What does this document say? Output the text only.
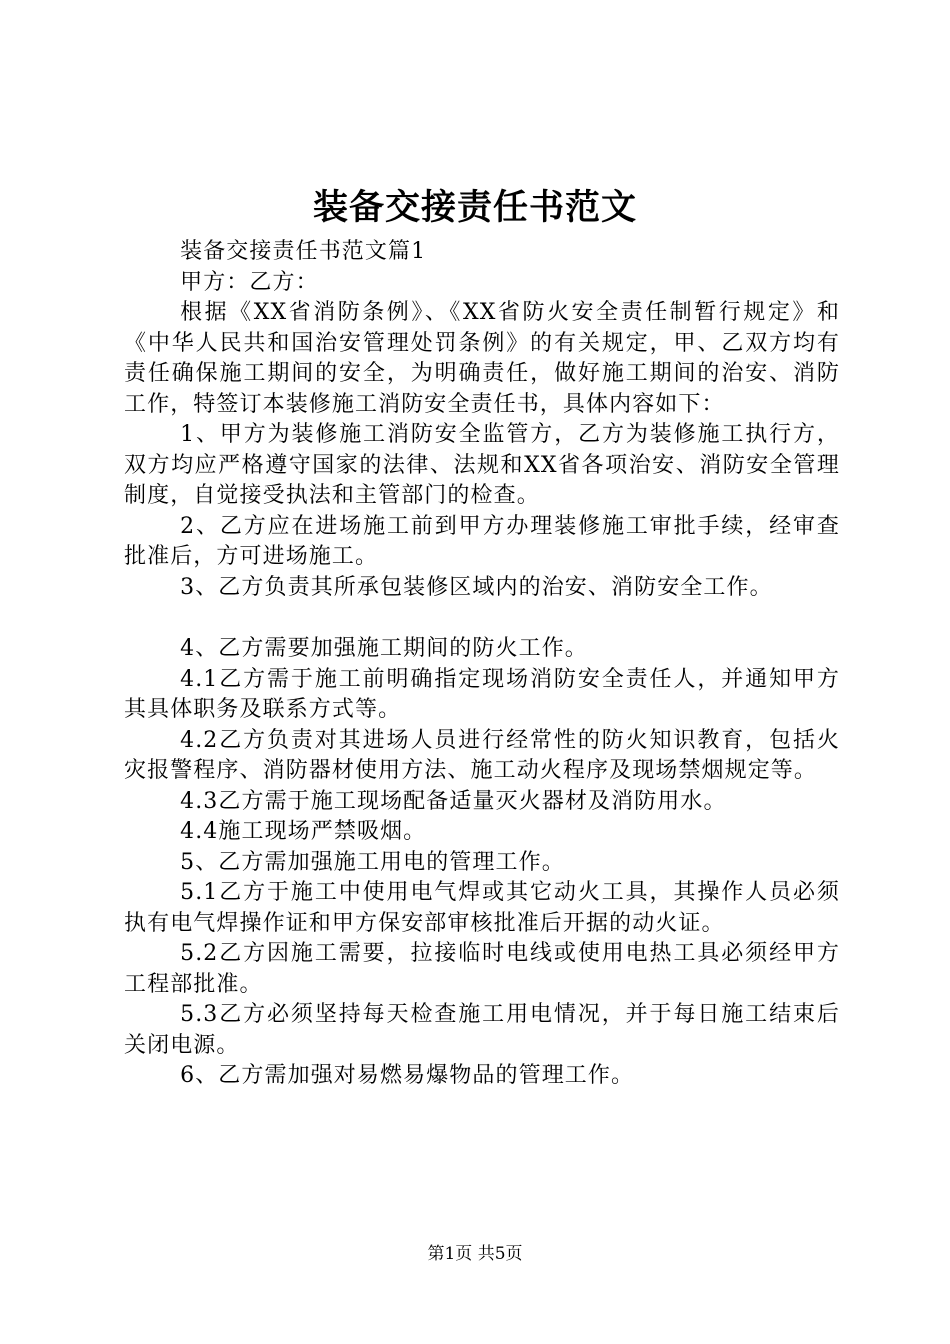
装备交接责任书范文

装备交接责任书范文篇1

甲方：乙方：

根据《XX省消防条例》、《XX省防火安全责任制暂行规定》和《中华人民共和国治安管理处罚条例》的有关规定，甲、乙双方均有责任确保施工期间的安全，为明确责任，做好施工期间的治安、消防工作，特签订本装修施工消防安全责任书，具体内容如下：

1、甲方为装修施工消防安全监管方，乙方为装修施工执行方，双方均应严格遵守国家的法律、法规和XX省各项治安、消防安全管理制度，自觉接受执法和主管部门的检查。

2、乙方应在进场施工前到甲方办理装修施工审批手续，经审查批准后，方可进场施工。

3、乙方负责其所承包装修区域内的治安、消防安全工作。

4、乙方需要加强施工期间的防火工作。

4.1乙方需于施工前明确指定现场消防安全责任人，并通知甲方其具体职务及联系方式等。

4.2乙方负责对其进场人员进行经常性的防火知识教育，包括火灾报警程序、消防器材使用方法、施工动火程序及现场禁烟规定等。

4.3乙方需于施工现场配备适量灭火器材及消防用水。

4.4施工现场严禁吸烟。

5、乙方需加强施工用电的管理工作。

5.1乙方于施工中使用电气焊或其它动火工具，其操作人员必须执有电气焊操作证和甲方保安部审核批准后开据的动火证。

5.2乙方因施工需要，拉接临时电线或使用电热工具必须经甲方工程部批准。

5.3乙方必须坚持每天检查施工用电情况，并于每日施工结束后关闭电源。

6、乙方需加强对易燃易爆物品的管理工作。

第1页 共5页
